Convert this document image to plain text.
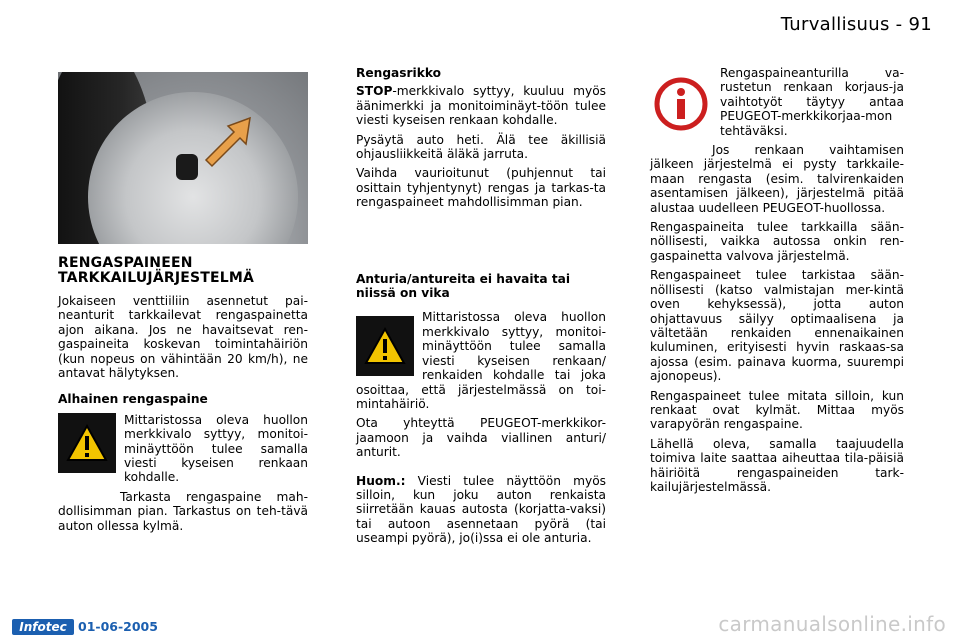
Turvallisuus - 91
RENGASPAINEEN TARKKAILUJÄRJESTELMÄ

Jokaiseen venttiiliin asennetut pai-neanturit tarkkailevat rengaspainetta ajon aikana. Jos ne havaitsevat ren-gaspaineita koskevan toimintahäiriön (kun nopeus on vähintään 20 km/h), ne antavat hälytyksen.

Alhainen rengaspaine

Mittaristossa oleva huollon merkkivalo syttyy, monitoi-minäyttöön tulee samalla viesti kyseisen renkaan kohdalle.

Tarkasta rengaspaine mah-dollisimman pian. Tarkastus on teh-tävä auton ollessa kylmä.

Rengasrikko

STOP-merkkivalo syttyy, kuuluu myös äänimerkki ja monitoiminäyt-töön tulee viesti kyseisen renkaan kohdalle.

Pysäytä auto heti. Älä tee äkillisiä ohjausliikkeitä äläkä jarruta.

Vaihda vaurioitunut (puhjennut tai osittain tyhjentynyt) rengas ja tarkas-ta rengaspaineet mahdollisimman pian.

Anturia/antureita ei havaita tai niissä on vika

Mittaristossa oleva huollon merkkivalo syttyy, monitoi-minäyttöön tulee samalla viesti kyseisen renkaan/ renkaiden kohdalle tai joka osoittaa, että järjestelmässä on toi-mintahäiriö.

Ota yhteyttä PEUGEOT-merkkikor-jaamoon ja vaihda viallinen anturi/ anturit.

Huom.: Viesti tulee näyttöön myös silloin, kun joku auton renkaista siirretään kauas autosta (korjatta-vaksi) tai autoon asennetaan pyörä (tai useampi pyörä), jo(i)ssa ei ole anturia.

Rengaspaineanturilla va-rustetun renkaan korjaus-ja vaihtotyöt täytyy antaa PEUGEOT-merkkikorjaa-mon tehtäväksi.

Jos renkaan vaihtamisen jälkeen järjestelmä ei pysty tarkkaile-maan rengasta (esim. talvirenkaiden asentamisen jälkeen), järjestelmä pitää alustaa uudelleen PEUGEOT-huollossa.

Rengaspaineita tulee tarkkailla sään-nöllisesti, vaikka autossa onkin ren-gaspainetta valvova järjestelmä.

Rengaspaineet tulee tarkistaa sään-nöllisesti (katso valmistajan mer-kintä oven kehyksessä), jotta auton ohjattavuus säilyy optimaalisena ja vältetään renkaiden ennenaikainen kuluminen, erityisesti hyvin raskaas-sa ajossa (esim. painava kuorma, suurempi ajonopeus).

Rengaspaineet tulee mitata silloin, kun renkaat ovat kylmät. Mittaa myös varapyörän rengaspaine.

Lähellä oleva, samalla taajuudella toimiva laite saattaa aiheuttaa tila-päisiä häiriöitä rengaspaineiden tark-kailujärjestelmässä.

Infotec 01-06-2005	carmanualsonline.info
